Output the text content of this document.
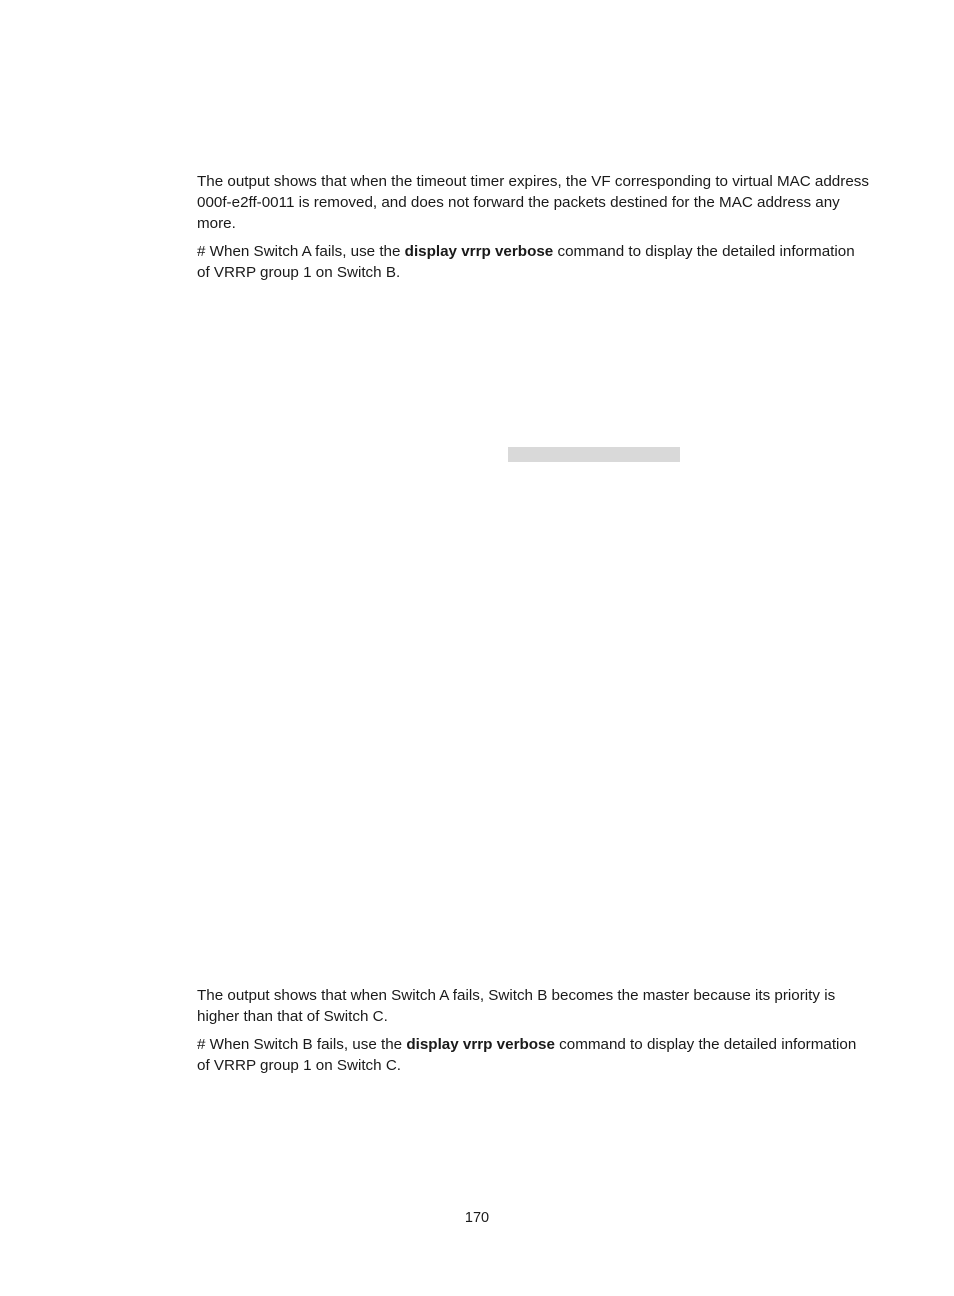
The output shows that when the timeout timer expires, the VF corresponding to virtual MAC address 000f-e2ff-0011 is removed, and does not forward the packets destined for the MAC address any more.

# When Switch A fails, use the display vrrp verbose command to display the detailed information of VRRP group 1 on Switch B.

The output shows that when Switch A fails, Switch B becomes the master because its priority is higher than that of Switch C.

# When Switch B fails, use the display vrrp verbose command to display the detailed information of VRRP group 1 on Switch C.

170
